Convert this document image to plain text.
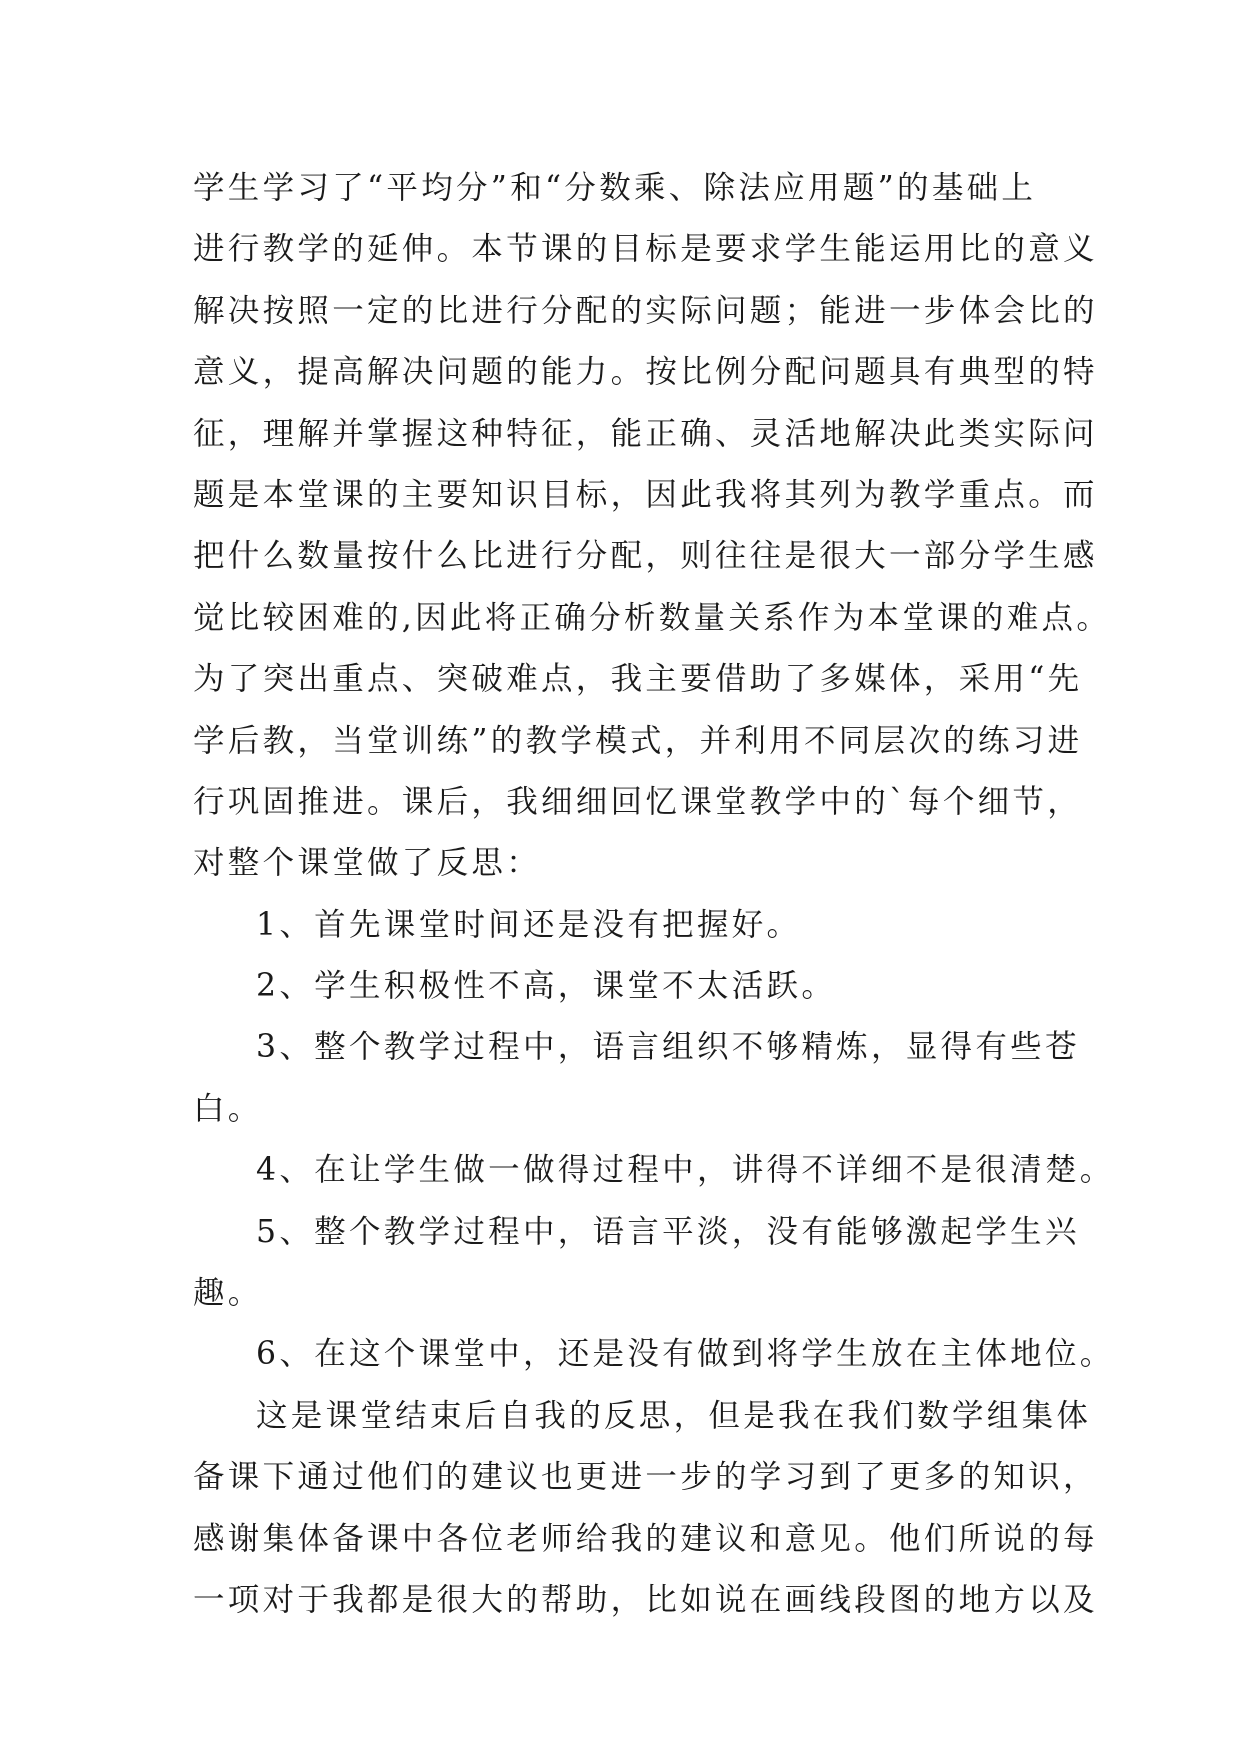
学生学习了“平均分”和“分数乘、除法应用题”的基础上
进行教学的延伸。本节课的目标是要求学生能运用比的意义
解决按照一定的比进行分配的实际问题；能进一步体会比的
意义，提高解决问题的能力。按比例分配问题具有典型的特
征，理解并掌握这种特征，能正确、灵活地解决此类实际问
题是本堂课的主要知识目标，因此我将其列为教学重点。而
把什么数量按什么比进行分配，则往往是很大一部分学生感
觉比较困难的,因此将正确分析数量关系作为本堂课的难点。
为了突出重点、突破难点，我主要借助了多媒体，采用“先
学后教，当堂训练”的教学模式，并利用不同层次的练习进
行巩固推进。课后，我细细回忆课堂教学中的`每个细节，
对整个课堂做了反思：
1、首先课堂时间还是没有把握好。
2、学生积极性不高，课堂不太活跃。
3、整个教学过程中，语言组织不够精炼，显得有些苍
白。
4、在让学生做一做得过程中，讲得不详细不是很清楚。
5、整个教学过程中，语言平淡，没有能够激起学生兴
趣。
6、在这个课堂中，还是没有做到将学生放在主体地位。
这是课堂结束后自我的反思，但是我在我们数学组集体
备课下通过他们的建议也更进一步的学习到了更多的知识，
感谢集体备课中各位老师给我的建议和意见。他们所说的每
一项对于我都是很大的帮助，比如说在画线段图的地方以及
